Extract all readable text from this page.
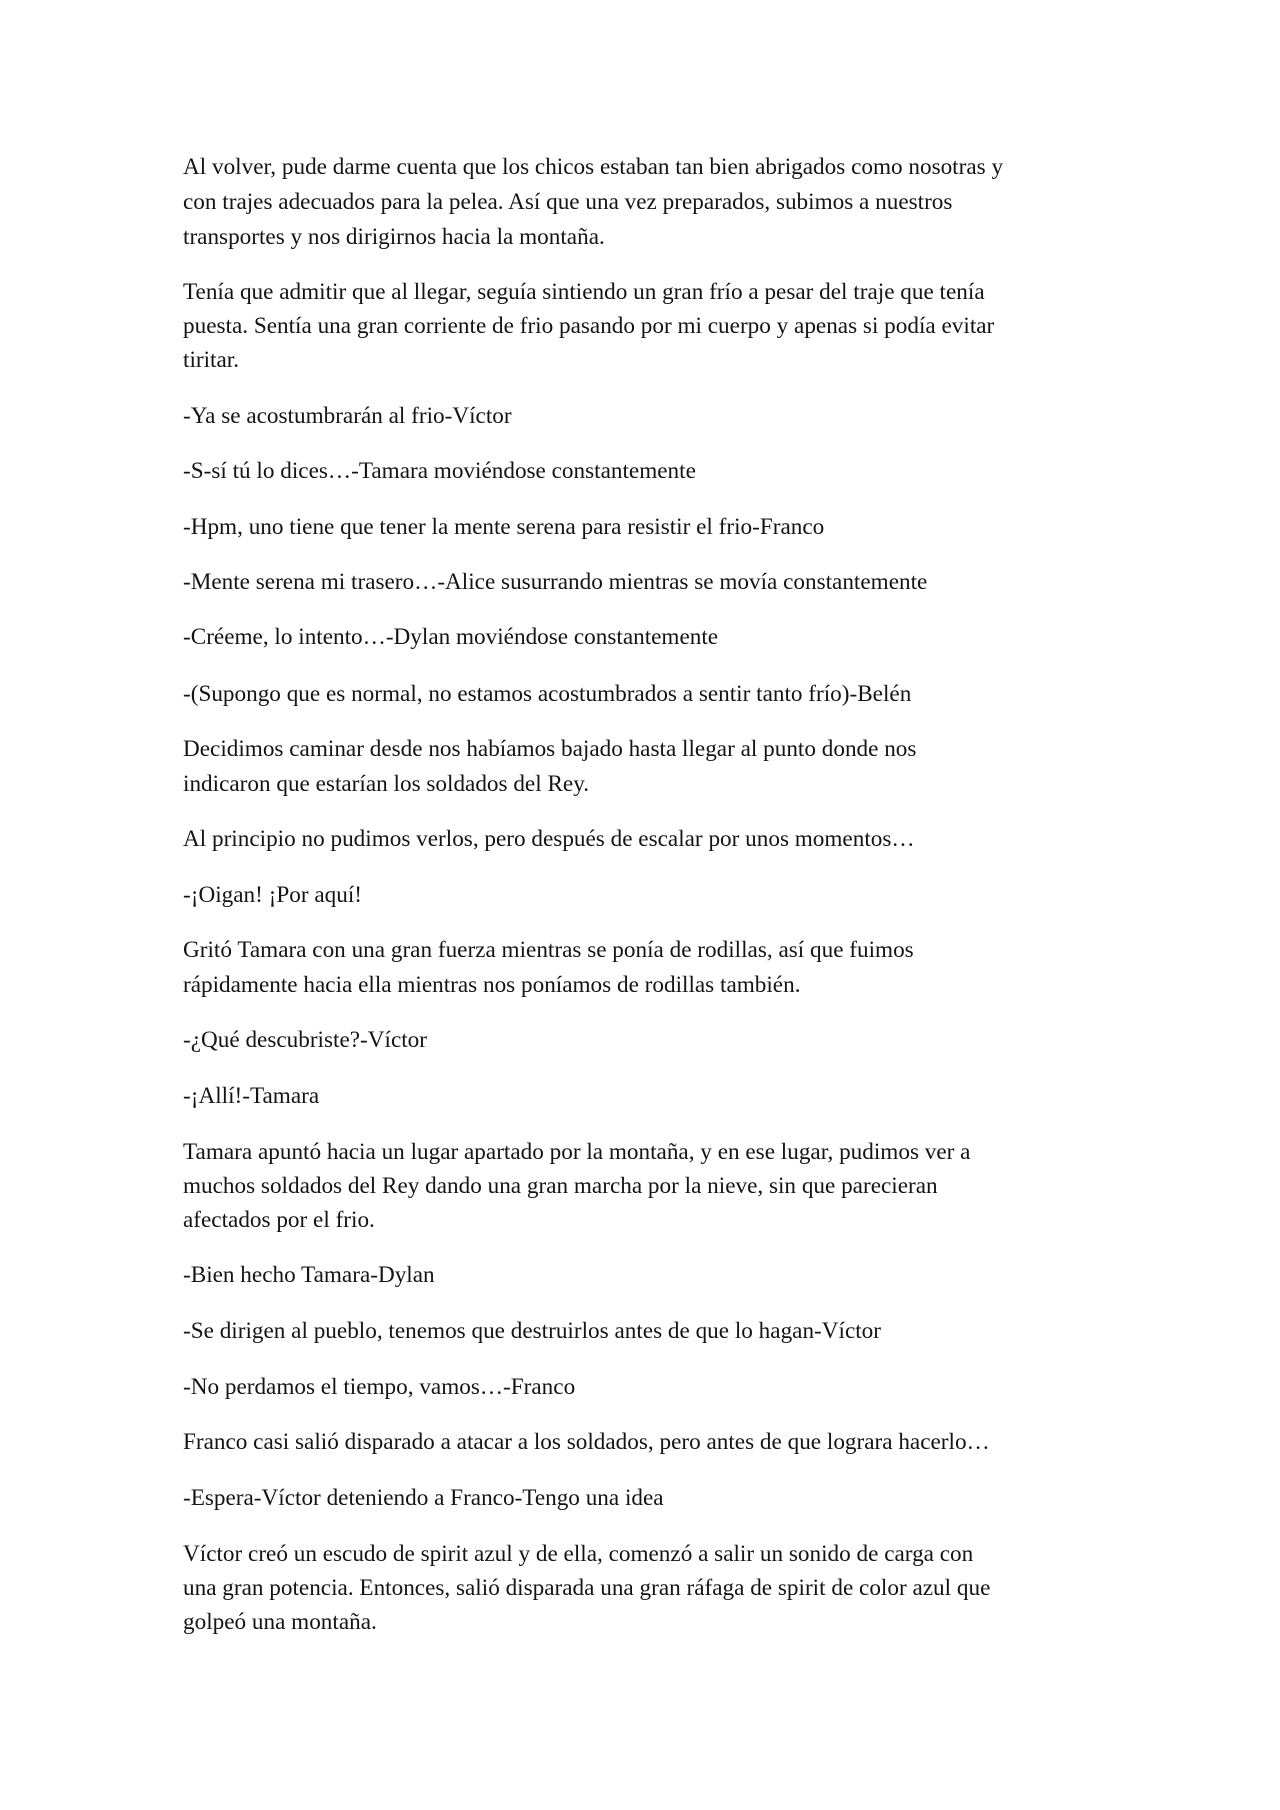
Al volver, pude darme cuenta que los chicos estaban tan bien abrigados como nosotras y
con trajes adecuados para la pelea. Así que una vez preparados, subimos a nuestros
transportes y nos dirigirnos hacia la montaña.
Tenía que admitir que al llegar, seguía sintiendo un gran frío a pesar del traje que tenía
puesta. Sentía una gran corriente de frio pasando por mi cuerpo y apenas si podía evitar
tiritar.
-Ya se acostumbrarán al frio-Víctor
-S-sí tú lo dices…-Tamara moviéndose constantemente
-Hpm, uno tiene que tener la mente serena para resistir el frio-Franco
-Mente serena mi trasero…-Alice susurrando mientras se movía constantemente
-Créeme, lo intento…-Dylan moviéndose constantemente
-(Supongo que es normal, no estamos acostumbrados a sentir tanto frío)-Belén
Decidimos caminar desde nos habíamos bajado hasta llegar al punto donde nos
indicaron que estarían los soldados del Rey.
Al principio no pudimos verlos, pero después de escalar por unos momentos…
-¡Oigan! ¡Por aquí!
Gritó Tamara con una gran fuerza mientras se ponía de rodillas, así que fuimos
rápidamente hacia ella mientras nos poníamos de rodillas también.
-¿Qué descubriste?-Víctor
-¡Allí!-Tamara
Tamara apuntó hacia un lugar apartado por la montaña, y en ese lugar, pudimos ver a
muchos soldados del Rey dando una gran marcha por la nieve, sin que parecieran
afectados por el frio.
-Bien hecho Tamara-Dylan
-Se dirigen al pueblo, tenemos que destruirlos antes de que lo hagan-Víctor
-No perdamos el tiempo, vamos…-Franco
Franco casi salió disparado a atacar a los soldados, pero antes de que lograra hacerlo…
-Espera-Víctor deteniendo a Franco-Tengo una idea
Víctor creó un escudo de spirit azul y de ella, comenzó a salir un sonido de carga con
una gran potencia. Entonces, salió disparada una gran ráfaga de spirit de color azul que
golpeó una montaña.
